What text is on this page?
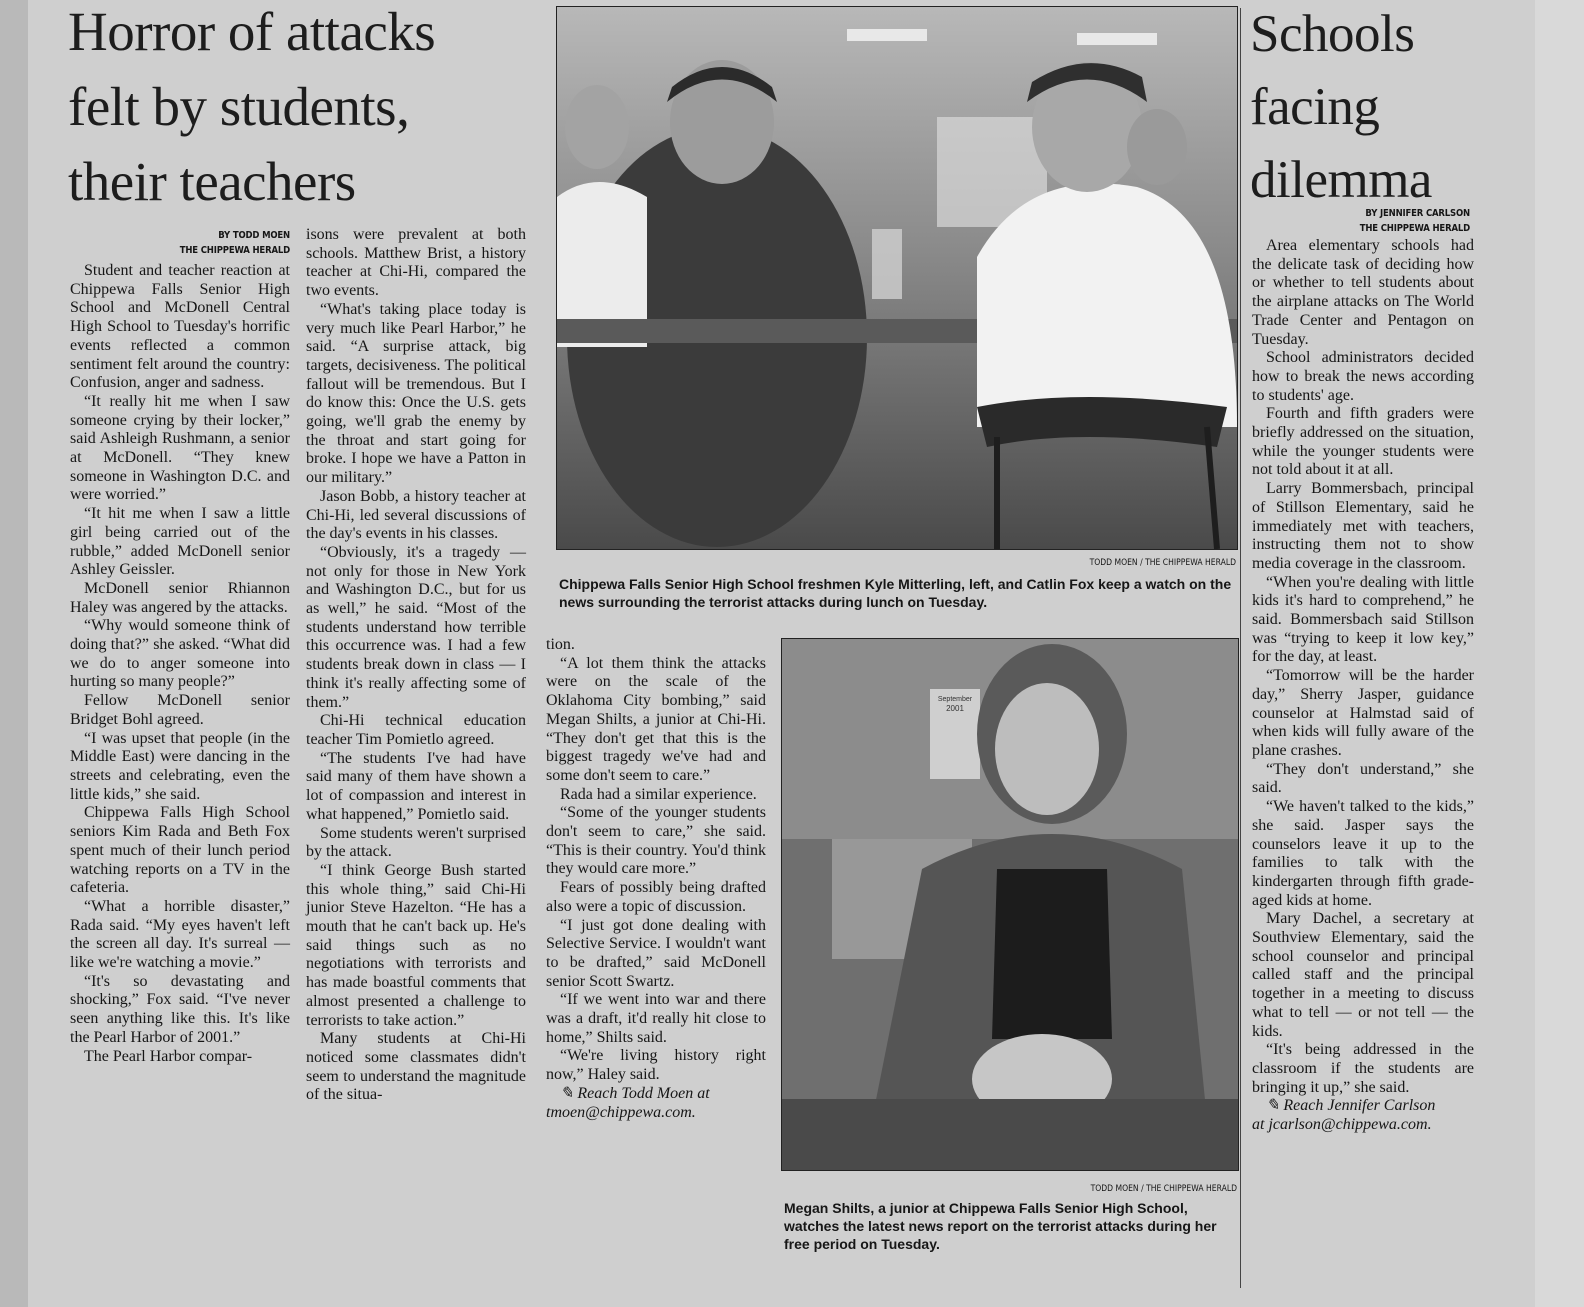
Horror of attacks
felt by students,
their teachers
BY TODD MOEN
THE CHIPPEWA HERALD

Student and teacher reaction at Chippewa Falls Senior High School and McDonell Central High School to Tuesday's horrific events reflected a common sentiment felt around the country: Confusion, anger and sadness.

“It really hit me when I saw someone crying by their locker,” said Ashleigh Rushmann, a senior at McDonell. “They knew someone in Washington D.C. and were worried.”

“It hit me when I saw a little girl being carried out of the rubble,” added McDonell senior Ashley Geissler.

McDonell senior Rhiannon Haley was angered by the attacks.

“Why would someone think of doing that?” she asked. “What did we do to anger someone into hurting so many people?”

Fellow McDonell senior Bridget Bohl agreed.

“I was upset that people (in the Middle East) were dancing in the streets and celebrating, even the little kids,” she said.

Chippewa Falls High School seniors Kim Rada and Beth Fox spent much of their lunch period watching reports on a TV in the cafeteria.

“What a horrible disaster,” Rada said. “My eyes haven't left the screen all day. It's surreal — like we're watching a movie.”

“It's so devastating and shocking,” Fox said. “I've never seen anything like this. It's like the Pearl Harbor of 2001.”

The Pearl Harbor compar-

isons were prevalent at both schools. Matthew Brist, a history teacher at Chi-Hi, compared the two events.

“What's taking place today is very much like Pearl Harbor,” he said. “A surprise attack, big targets, decisiveness. The political fallout will be tremendous. But I do know this: Once the U.S. gets going, we'll grab the enemy by the throat and start going for broke. I hope we have a Patton in our military.”

Jason Bobb, a history teacher at Chi-Hi, led several discussions of the day's events in his classes.

“Obviously, it's a tragedy — not only for those in New York and Washington D.C., but for us as well,” he said. “Most of the students understand how terrible this occurrence was. I had a few students break down in class — I think it's really affecting some of them.”

Chi-Hi technical education teacher Tim Pomietlo agreed.

“The students I've had have said many of them have shown a lot of compassion and interest in what happened,” Pomietlo said.

Some students weren't surprised by the attack.

“I think George Bush started this whole thing,” said Chi-Hi junior Steve Hazelton. “He has a mouth that he can't back up. He's said things such as no negotiations with terrorists and has made boastful comments that almost presented a challenge to terrorists to take action.”

Many students at Chi-Hi noticed some classmates didn't seem to understand the magnitude of the situa-

tion.

“A lot them think the attacks were on the scale of the Oklahoma City bombing,” said Megan Shilts, a junior at Chi-Hi. “They don't get that this is the biggest tragedy we've had and some don't seem to care.”

Rada had a similar experience.

“Some of the younger students don't seem to care,” she said. “This is their country. You'd think they would care more.”

Fears of possibly being drafted also were a topic of discussion.

“I just got done dealing with Selective Service. I wouldn't want to be drafted,” said McDonell senior Scott Swartz.

“If we went into war and there was a draft, it'd really hit close to home,” Shilts said.

“We're living history right now,” Haley said.

✎ Reach Todd Moen at
tmoen@chippewa.com.

TODD MOEN / THE CHIPPEWA HERALD
Chippewa Falls Senior High School freshmen Kyle Mitterling, left, and Catlin Fox keep a watch on the news surrounding the terrorist attacks during lunch on Tuesday.
September
2001
TODD MOEN / THE CHIPPEWA HERALD
Megan Shilts, a junior at Chippewa Falls Senior High School, watches the latest news report on the terrorist attacks during her free period on Tuesday.
Schools
facing
dilemma
BY JENNIFER CARLSON
THE CHIPPEWA HERALD

Area elementary schools had the delicate task of deciding how or whether to tell students about the airplane attacks on The World Trade Center and Pentagon on Tuesday.

School administrators decided how to break the news according to students' age.

Fourth and fifth graders were briefly addressed on the situation, while the younger students were not told about it at all.

Larry Bommersbach, principal of Stillson Elementary, said he immediately met with teachers, instructing them not to show media coverage in the classroom.

“When you're dealing with little kids it's hard to comprehend,” he said. Bommersbach said Stillson was “trying to keep it low key,” for the day, at least.

“Tomorrow will be the harder day,” Sherry Jasper, guidance counselor at Halmstad said of when kids will fully aware of the plane crashes.

“They don't understand,” she said.

“We haven't talked to the kids,” she said. Jasper says the counselors leave it up to the families to talk with the kindergarten through fifth grade-aged kids at home.

Mary Dachel, a secretary at Southview Elementary, said the school counselor and principal called staff and the principal together in a meeting to discuss what to tell — or not tell — the kids.

“It's being addressed in the classroom if the students are bringing it up,” she said.

✎ Reach Jennifer Carlson
at jcarlson@chippewa.com.
